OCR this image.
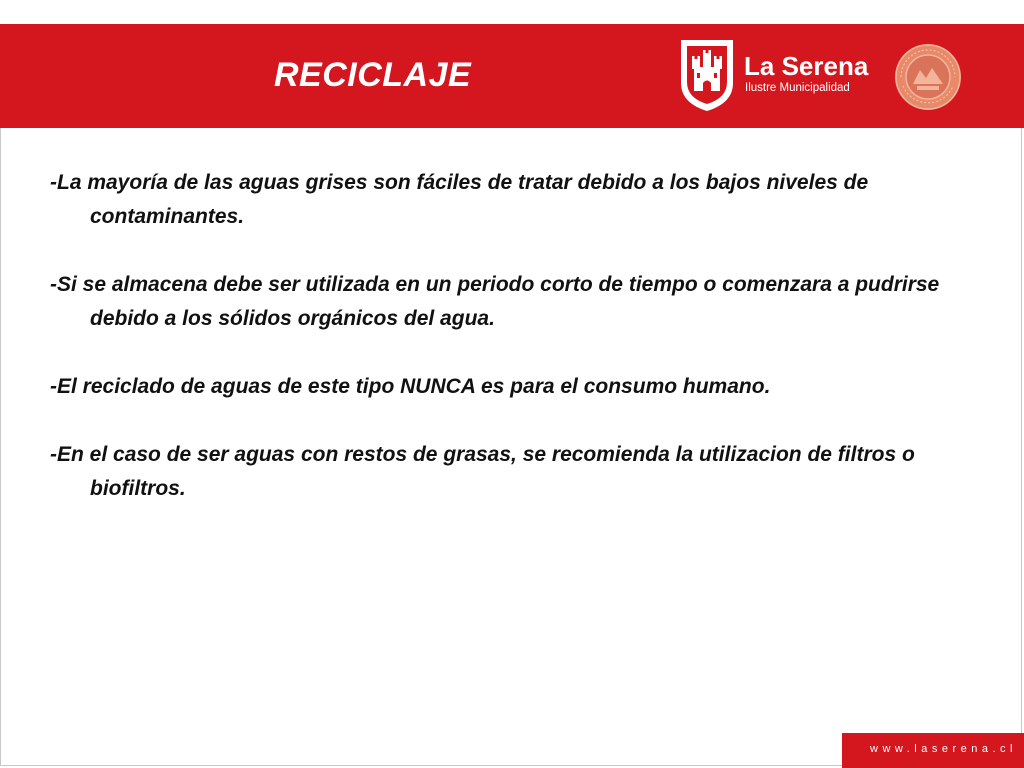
RECICLAJE	La Serena
Ilustre Municipalidad

-La mayoría de las aguas grises son fáciles de tratar debido a los bajos niveles de contaminantes.

-Si se almacena debe ser utilizada en un periodo corto de tiempo o comenzara a pudrirse debido a los sólidos orgánicos del agua.

-El reciclado de aguas de este tipo NUNCA es para el consumo humano.

-En el caso de ser aguas con restos de grasas, se recomienda la utilizacion de filtros o biofiltros.

www.laserena.cl
